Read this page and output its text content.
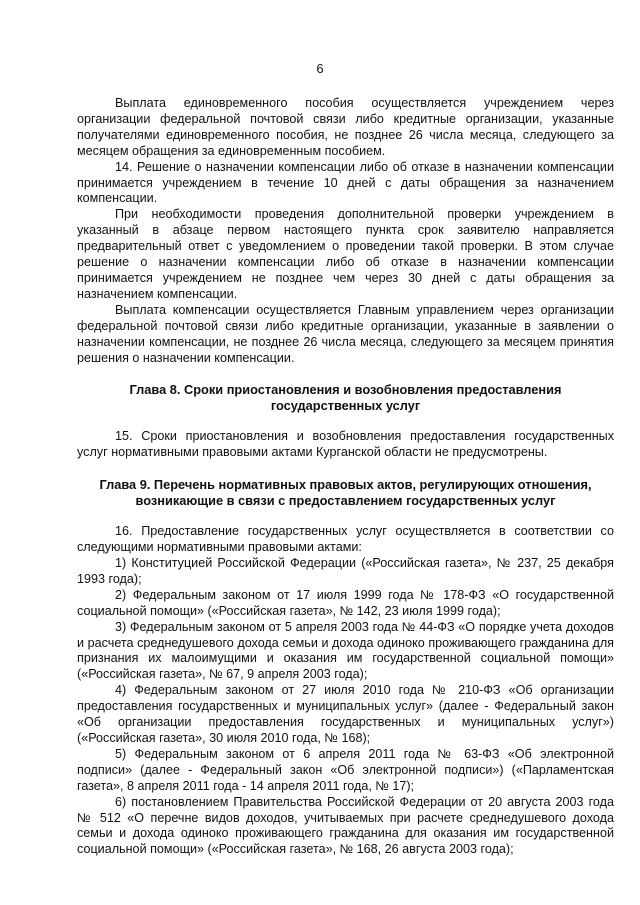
6

Выплата единовременного пособия осуществляется учреждением через организации федеральной почтовой связи либо кредитные организации, указанные получателями единовременного пособия, не позднее 26 числа месяца, следующего за месяцем обращения за единовременным пособием.

14. Решение о назначении компенсации либо об отказе в назначении компенсации принимается учреждением в течение 10 дней с даты обращения за назначением компенсации.

При необходимости проведения дополнительной проверки учреждением в указанный в абзаце первом настоящего пункта срок заявителю направляется предварительный ответ с уведомлением о проведении такой проверки. В этом случае решение о назначении компенсации либо об отказе в назначении компенсации принимается учреждением не позднее чем через 30 дней с даты обращения за назначением компенсации.

Выплата компенсации осуществляется Главным управлением через организации федеральной почтовой связи либо кредитные организации, указанные в заявлении о назначении компенсации, не позднее 26 числа месяца, следующего за месяцем принятия решения о назначении компенсации.

Глава 8. Сроки приостановления и возобновления предоставления
государственных услуг

15. Сроки приостановления и возобновления предоставления государственных услуг нормативными правовыми актами Курганской области не предусмотрены.

Глава 9. Перечень нормативных правовых актов, регулирующих отношения,
возникающие в связи с предоставлением государственных услуг

16. Предоставление государственных услуг осуществляется в соответствии со следующими нормативными правовыми актами:

1) Конституцией Российской Федерации («Российская газета», № 237, 25 декабря 1993 года);

2) Федеральным законом от 17 июля 1999 года № 178-ФЗ «О государственной социальной помощи» («Российская газета», № 142, 23 июля 1999 года);

3) Федеральным законом от 5 апреля 2003 года № 44-ФЗ «О порядке учета доходов и расчета среднедушевого дохода семьи и дохода одиноко проживающего гражданина для признания их малоимущими и оказания им государственной социальной помощи» («Российская газета», № 67, 9 апреля 2003 года);

4) Федеральным законом от 27 июля 2010 года № 210-ФЗ «Об организации предоставления государственных и муниципальных услуг» (далее - Федеральный закон «Об организации предоставления государственных и муниципальных услуг») («Российская газета», 30 июля 2010 года, № 168);

5) Федеральным законом от 6 апреля 2011 года № 63-ФЗ «Об электронной подписи» (далее - Федеральный закон «Об электронной подписи») («Парламентская газета», 8 апреля 2011 года - 14 апреля 2011 года, № 17);

6) постановлением Правительства Российской Федерации от 20 августа 2003 года № 512 «О перечне видов доходов, учитываемых при расчете среднедушевого дохода семьи и дохода одиноко проживающего гражданина для оказания им государственной социальной помощи» («Российская газета», № 168, 26 августа 2003 года);
